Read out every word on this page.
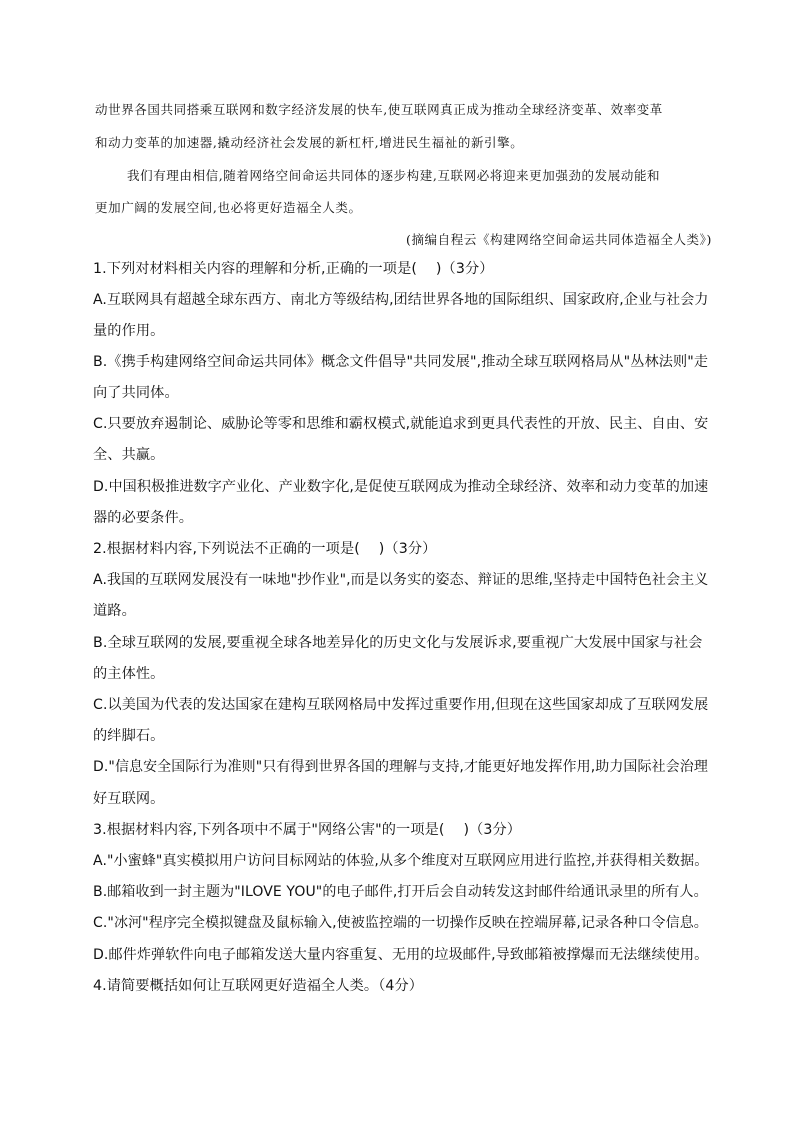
动世界各国共同搭乘互联网和数字经济发展的快车,使互联网真正成为推动全球经济变革、效率变革
和动力变革的加速器,撬动经济社会发展的新杠杆,增进民生福祉的新引擎。
我们有理由相信,随着网络空间命运共同体的逐步构建,互联网必将迎来更加强劲的发展动能和
更加广阔的发展空间,也必将更好造福全人类。
(摘编自程云《构建网络空间命运共同体造福全人类》)
1.下列对材料相关内容的理解和分析,正确的一项是(　 )（3分）
A.互联网具有超越全球东西方、南北方等级结构,团结世界各地的国际组织、国家政府,企业与社会力
量的作用。
B.《携手构建网络空间命运共同体》概念文件倡导"共同发展",推动全球互联网格局从"丛林法则"走
向了共同体。
C.只要放弃遏制论、威胁论等零和思维和霸权模式,就能追求到更具代表性的开放、民主、自由、安
全、共赢。
D.中国积极推进数字产业化、产业数字化,是促使互联网成为推动全球经济、效率和动力变革的加速
器的必要条件。
2.根据材料内容,下列说法不正确的一项是(　 )（3分）
A.我国的互联网发展没有一味地"抄作业",而是以务实的姿态、辩证的思维,坚持走中国特色社会主义
道路。
B.全球互联网的发展,要重视全球各地差异化的历史文化与发展诉求,要重视广大发展中国家与社会
的主体性。
C.以美国为代表的发达国家在建构互联网格局中发挥过重要作用,但现在这些国家却成了互联网发展
的绊脚石。
D."信息安全国际行为准则"只有得到世界各国的理解与支持,才能更好地发挥作用,助力国际社会治理
好互联网。
3.根据材料内容,下列各项中不属于"网络公害"的一项是(　 )（3分）
A."小蜜蜂"真实模拟用户访问目标网站的体验,从多个维度对互联网应用进行监控,并获得相关数据。
B.邮箱收到一封主题为"ILOVE YOU"的电子邮件,打开后会自动转发这封邮件给通讯录里的所有人。
C."冰河"程序完全模拟键盘及鼠标输入,使被监控端的一切操作反映在控端屏幕,记录各种口令信息。
D.邮件炸弹软件向电子邮箱发送大量内容重复、无用的垃圾邮件,导致邮箱被撑爆而无法继续使用。
4.请简要概括如何让互联网更好造福全人类。（4分）
